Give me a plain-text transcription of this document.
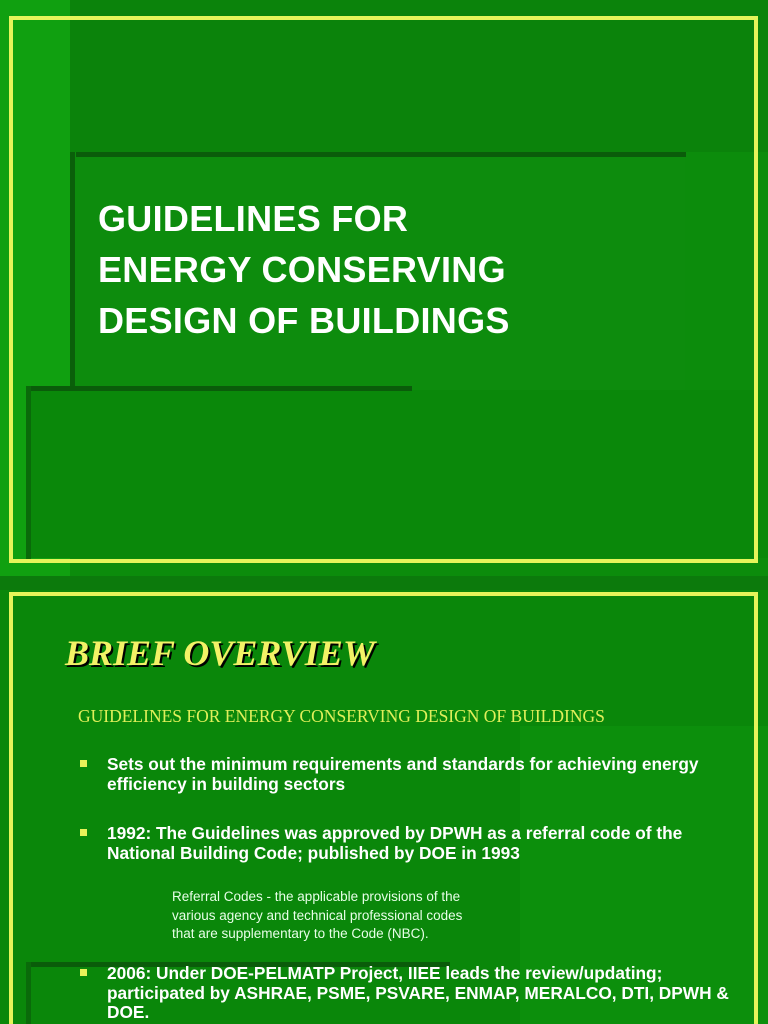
GUIDELINES FOR
ENERGY CONSERVING
DESIGN OF BUILDINGS
BRIEF OVERVIEW
GUIDELINES FOR ENERGY CONSERVING DESIGN OF BUILDINGS
Sets out the minimum requirements and standards for achieving energy efficiency in building sectors
1992: The Guidelines was approved by DPWH as a referral code of the National Building Code; published by DOE in 1993
Referral Codes - the applicable provisions of the
various agency and technical professional codes
that are supplementary to the Code (NBC).
2006: Under DOE-PELMATP Project, IIEE leads the review/updating; participated by ASHRAE, PSME, PSVARE, ENMAP, MERALCO, DTI, DPWH & DOE.
